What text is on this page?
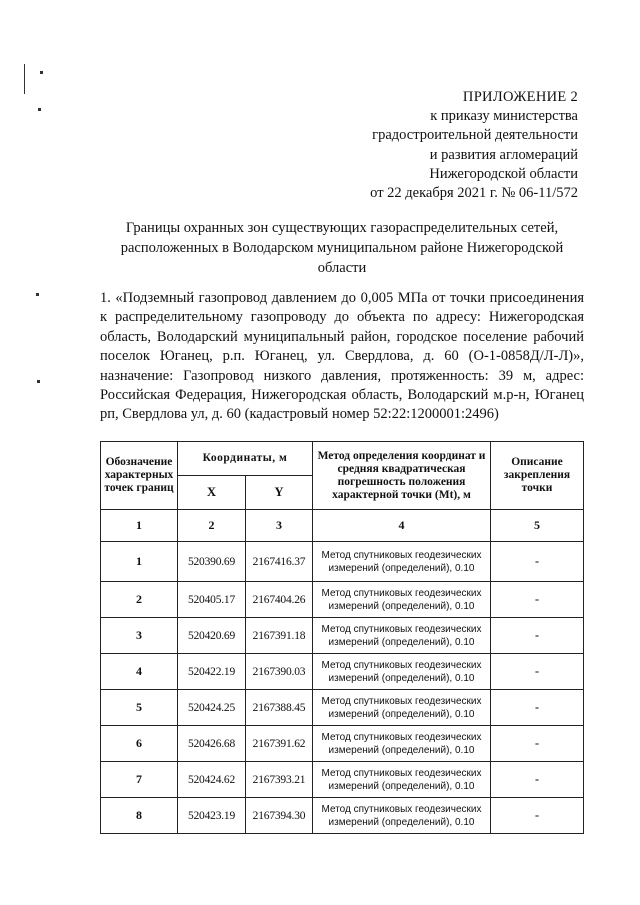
ПРИЛОЖЕНИЕ 2
к приказу министерства
градостроительной деятельности
и развития агломераций
Нижегородской области
от 22 декабря 2021 г. № 06-11/572
Границы охранных зон существующих газораспределительных сетей,
расположенных в Володарском муниципальном районе Нижегородской
области
1. «Подземный газопровод давлением до 0,005 МПа от точки присоединения к распределительному газопроводу до объекта по адресу: Нижегородская область, Володарский муниципальный район, городское поселение рабочий поселок Юганец, р.п. Юганец, ул. Свердлова, д. 60 (О-1-0858Д/Л-Л)», назначение: Газопровод низкого давления, протяженность: 39 м, адрес: Российская Федерация, Нижегородская область, Володарский м.р-н, Юганец рп, Свердлова ул, д. 60 (кадастровый номер 52:22:1200001:2496)
Обозначение характерных точек границ	Координаты, м		Метод определения координат и средняя квадратическая погрешность положения характерной точки (Mt), м	Описание закрепления точки
	X	Y		
1	2	3	4	5
1	520390.69	2167416.37	Метод спутниковых геодезических измерений (определений), 0.10	-
2	520405.17	2167404.26	Метод спутниковых геодезических измерений (определений), 0.10	-
3	520420.69	2167391.18	Метод спутниковых геодезических измерений (определений), 0.10	-
4	520422.19	2167390.03	Метод спутниковых геодезических измерений (определений), 0.10	-
5	520424.25	2167388.45	Метод спутниковых геодезических измерений (определений), 0.10	-
6	520426.68	2167391.62	Метод спутниковых геодезических измерений (определений), 0.10	-
7	520424.62	2167393.21	Метод спутниковых геодезических измерений (определений), 0.10	-
8	520423.19	2167394.30	Метод спутниковых геодезических измерений (определений), 0.10	-
